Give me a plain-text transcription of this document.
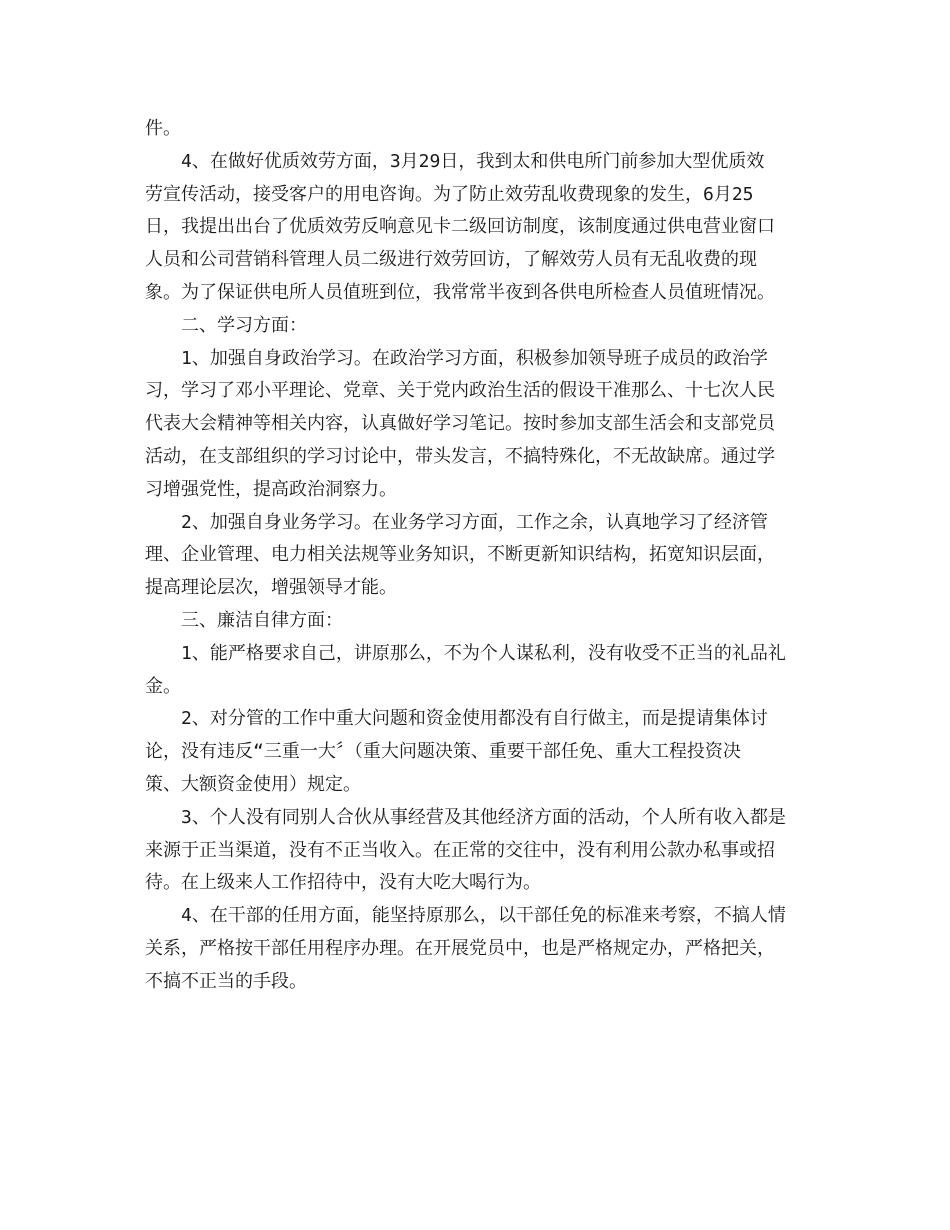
件。

4、在做好优质效劳方面，3月29日，我到太和供电所门前参加大型优质效
劳宣传活动，接受客户的用电咨询。为了防止效劳乱收费现象的发生，6月25
日，我提出出台了优质效劳反响意见卡二级回访制度，该制度通过供电营业窗口
人员和公司营销科管理人员二级进行效劳回访，了解效劳人员有无乱收费的现
象。为了保证供电所人员值班到位，我常常半夜到各供电所检查人员值班情况。

二、学习方面：

1、加强自身政治学习。在政治学习方面，积极参加领导班子成员的政治学
习，学习了邓小平理论、党章、关于党内政治生活的假设干准那么、十七次人民
代表大会精神等相关内容，认真做好学习笔记。按时参加支部生活会和支部党员
活动，在支部组织的学习讨论中，带头发言，不搞特殊化，不无故缺席。通过学
习增强党性，提高政治洞察力。

2、加强自身业务学习。在业务学习方面，工作之余，认真地学习了经济管
理、企业管理、电力相关法规等业务知识，不断更新知识结构，拓宽知识层面，
提高理论层次，增强领导才能。

三、廉洁自律方面：

1、能严格要求自己，讲原那么，不为个人谋私利，没有收受不正当的礼品礼
金。

2、对分管的工作中重大问题和资金使用都没有自行做主，而是提请集体讨
论，没有违反“三重一大〞（重大问题决策、重要干部任免、重大工程投资决
策、大额资金使用）规定。

3、个人没有同别人合伙从事经营及其他经济方面的活动，个人所有收入都是
来源于正当渠道，没有不正当收入。在正常的交往中，没有利用公款办私事或招
待。在上级来人工作招待中，没有大吃大喝行为。

4、在干部的任用方面，能坚持原那么，以干部任免的标准来考察，不搞人情
关系，严格按干部任用程序办理。在开展党员中，也是严格规定办，严格把关，
不搞不正当的手段。
